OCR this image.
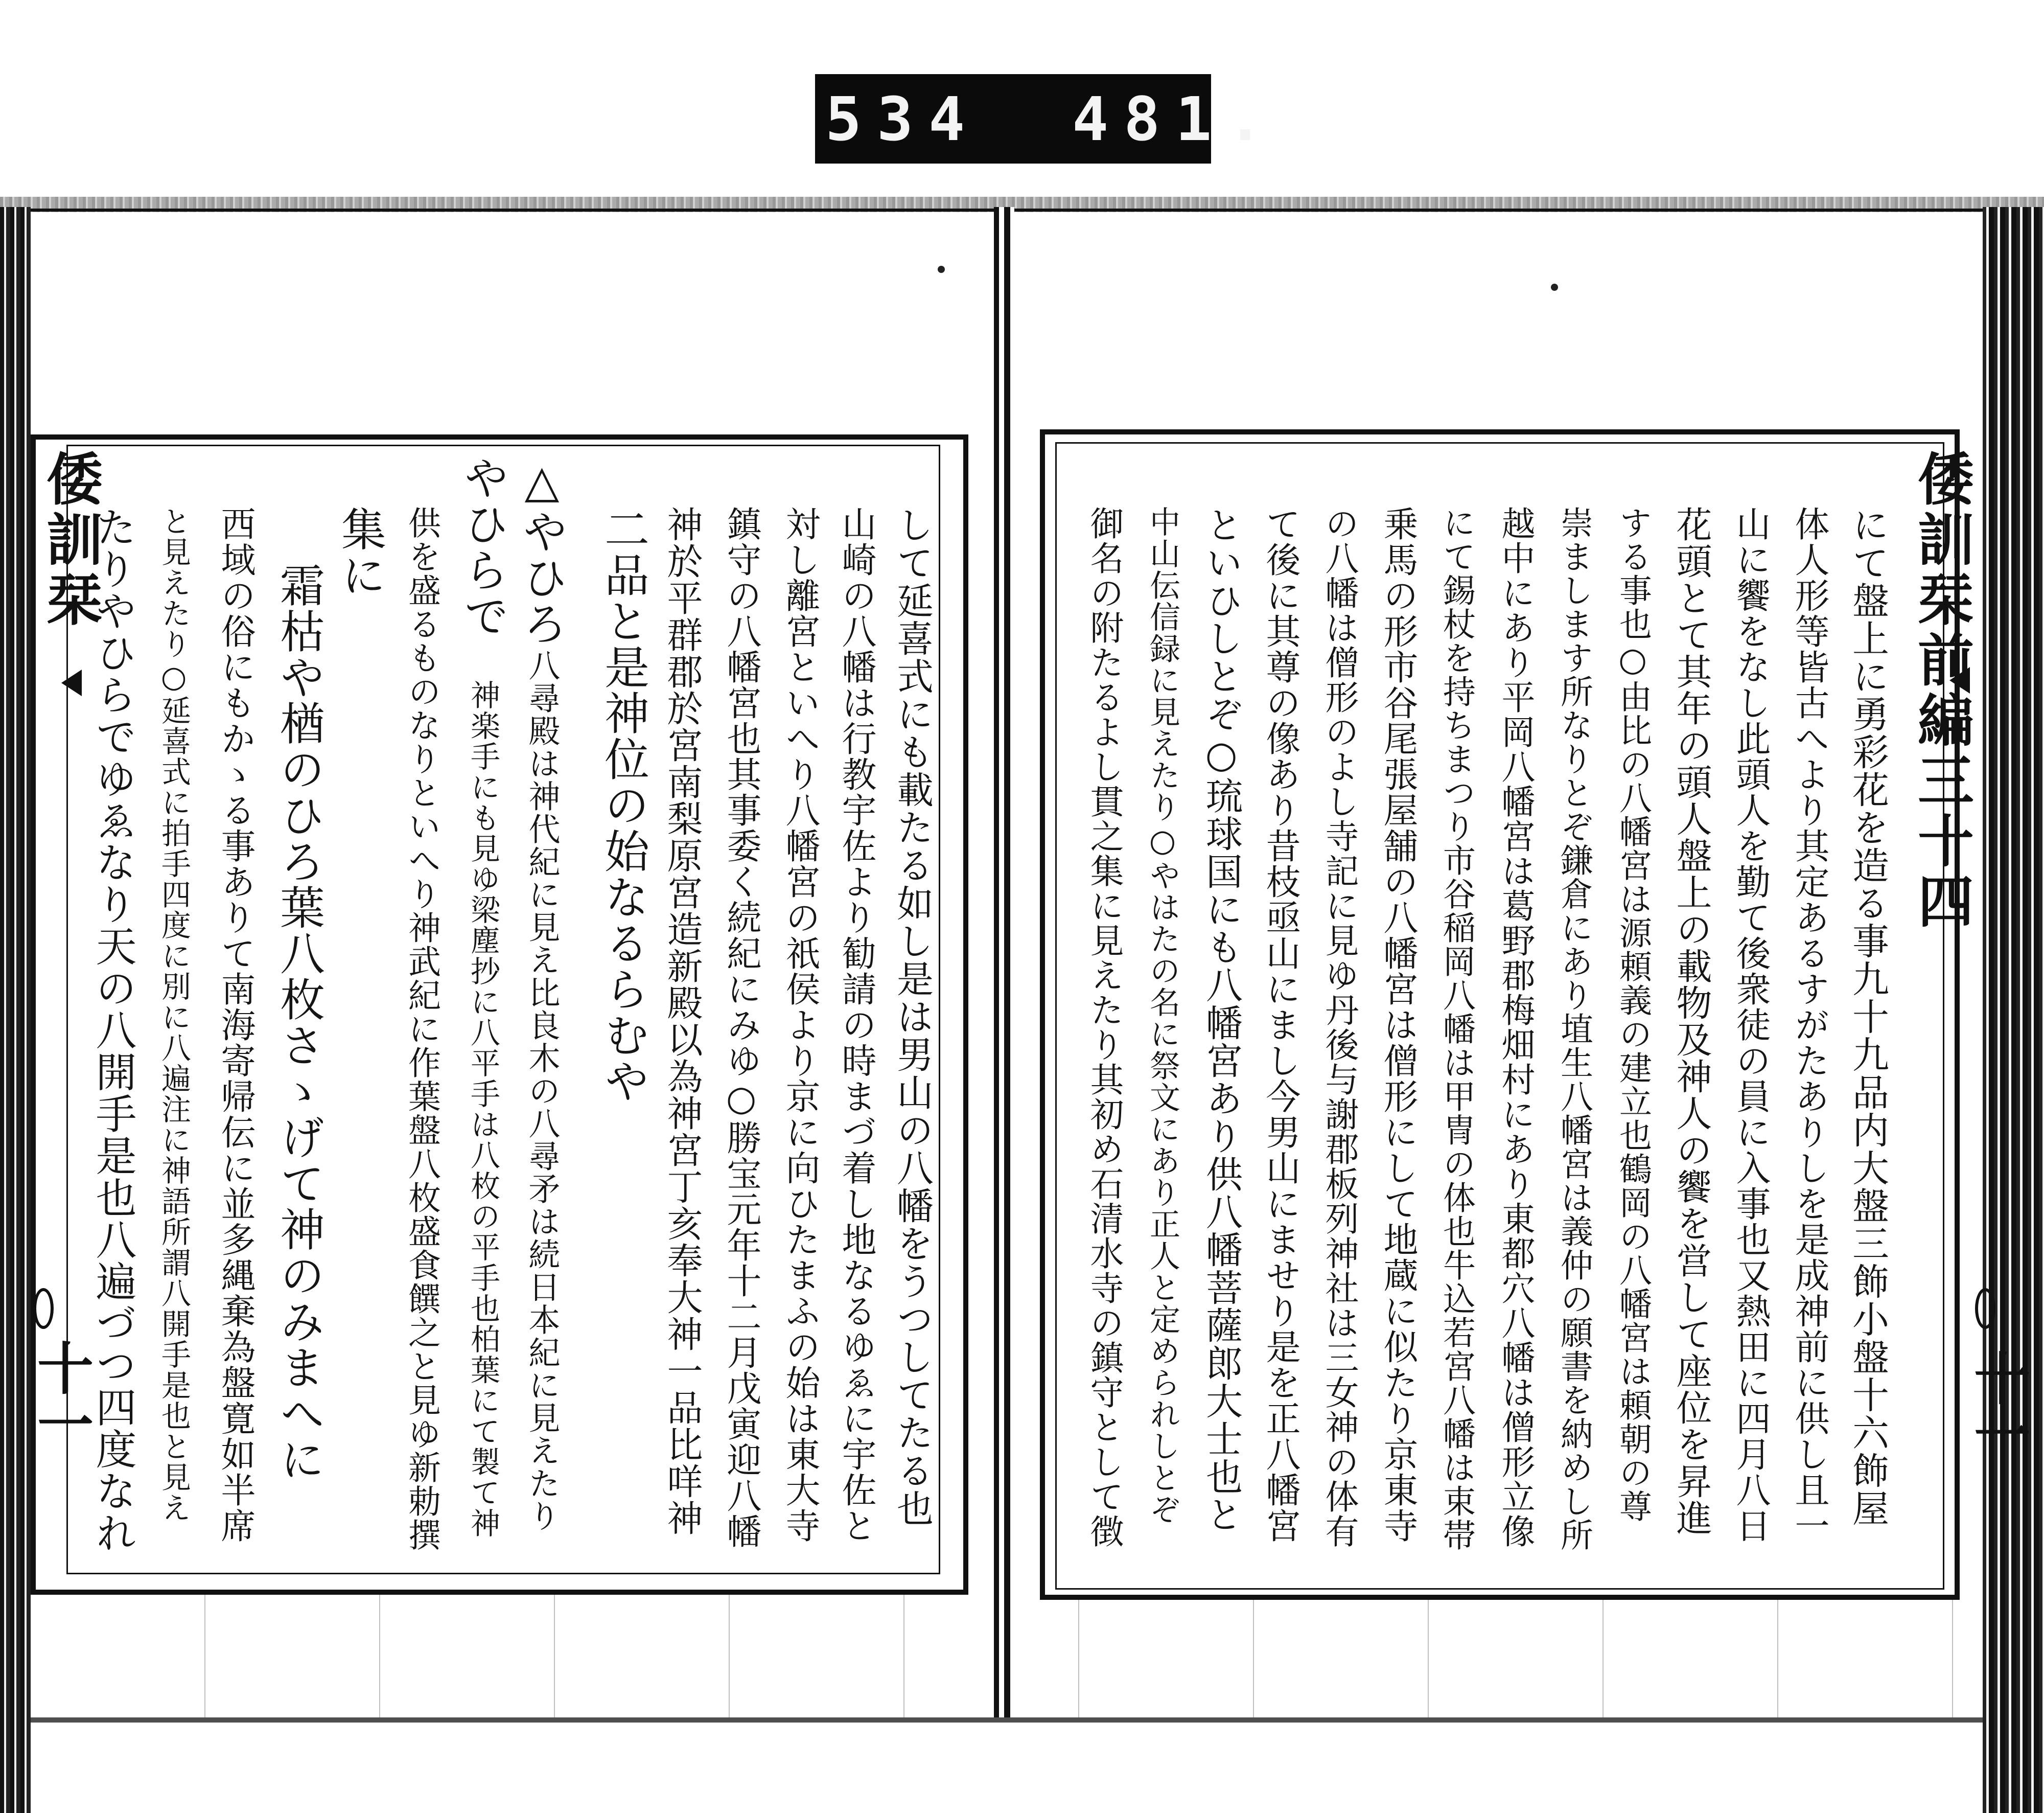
534 481.
倭訓栞
十一	して延喜式にも載たる如し是は男山の八幡をうつしてたる也
山崎の八幡は行教宇佐より勧請の時まづ着し地なるゆゑに宇佐と
対し離宮といへり八幡宮の祇侯より京に向ひたまふの始は東大寺
鎮守の八幡宮也其事委く続紀にみゆ○勝宝元年十二月戊寅迎八幡
神於平群郡於宮南梨原宮造新殿以為神宮丁亥奉大神一品比咩神
二品と是神位の始なるらむや
△やひろ
八尋殿は神代紀に見え比良木の八尋矛は続日本紀に見えたり
やひらで
神楽手にも見ゆ梁塵抄に八平手は八枚の平手也柏葉にて製て神
供を盛るものなりといへり神武紀に作葉盤八枚盛食饌之と見ゆ新勅撰
集に
霜枯や楢のひろ葉八枚さゝげて神のみまへに
西域の俗にもかゝる事ありて南海寄帰伝に並多縄棄為盤寛如半席
と見えたり○延喜式に拍手四度に別に八遍注に神語所謂八開手是也と見え
たりやひらでゆゑなり天の八開手是也八遍づつ四度なれ	倭訓栞前編三十四
十一
にて盤上に勇彩花を造る事九十九品内大盤三飾小盤十六飾屋
体人形等皆古へより其定あるすがたありしを是成神前に供し且一
山に饗をなし此頭人を勤て後衆徒の員に入事也又熱田に四月八日
花頭とて其年の頭人盤上の載物及神人の饗を営して座位を昇進
する事也○由比の八幡宮は源頼義の建立也鶴岡の八幡宮は頼朝の尊
崇まします所なりとぞ鎌倉にあり埴生八幡宮は義仲の願書を納めし所
越中にあり平岡八幡宮は葛野郡梅畑村にあり東都穴八幡は僧形立像
にて錫杖を持ちまつり市谷稲岡八幡は甲冑の体也牛込若宮八幡は束帯
乗馬の形市谷尾張屋舗の八幡宮は僧形にして地蔵に似たり京東寺
の八幡は僧形のよし寺記に見ゆ丹後与謝郡板列神社は三女神の体有
て後に其尊の像あり昔枝亟山にまし今男山にませり是を正八幡宮
といひしとぞ○琉球国にも八幡宮あり供八幡菩薩郎大士也と
中山伝信録に見えたり○やはたの名に祭文にあり正人と定められしとぞ
御名の附たるよし貫之集に見えたり其初め石清水寺の鎮守として徴
